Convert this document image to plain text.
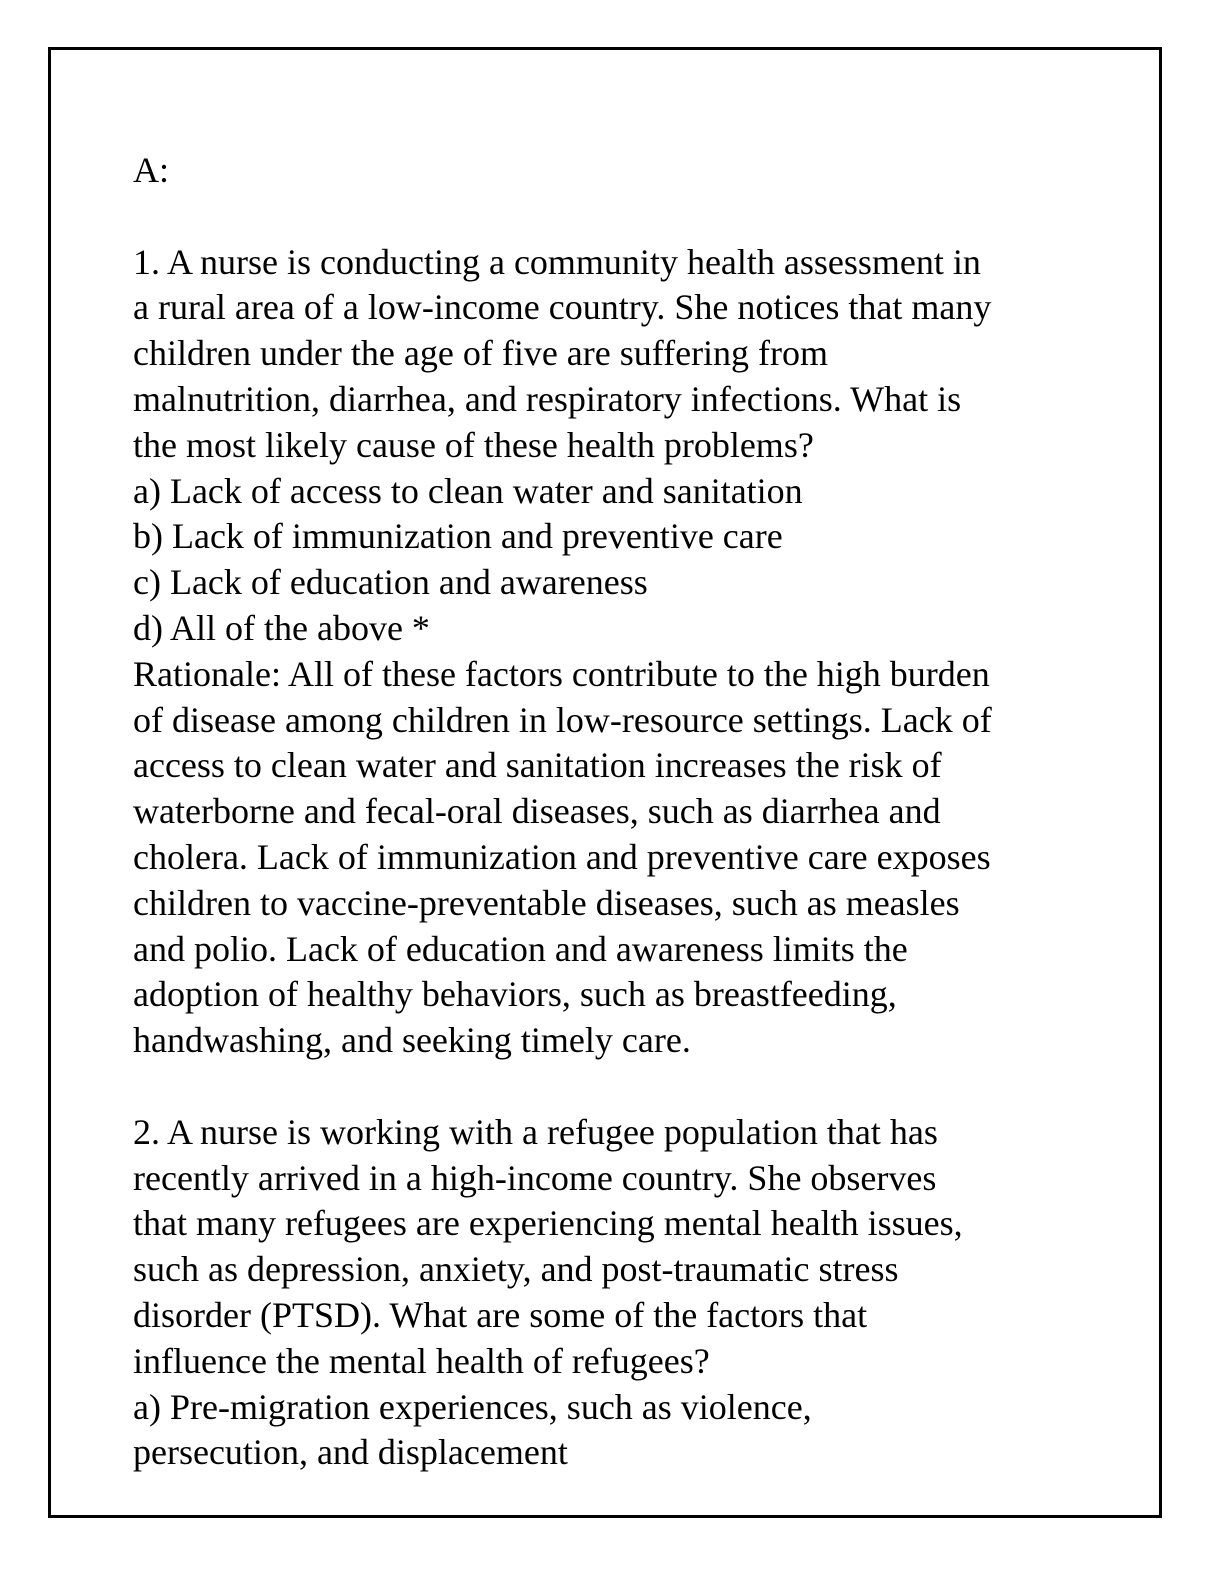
A:
1. A nurse is conducting a community health assessment in
a rural area of a low-income country. She notices that many
children under the age of five are suffering from
malnutrition, diarrhea, and respiratory infections. What is
the most likely cause of these health problems?
a) Lack of access to clean water and sanitation
b) Lack of immunization and preventive care
c) Lack of education and awareness
d) All of the above *
Rationale: All of these factors contribute to the high burden
of disease among children in low-resource settings. Lack of
access to clean water and sanitation increases the risk of
waterborne and fecal-oral diseases, such as diarrhea and
cholera. Lack of immunization and preventive care exposes
children to vaccine-preventable diseases, such as measles
and polio. Lack of education and awareness limits the
adoption of healthy behaviors, such as breastfeeding,
handwashing, and seeking timely care.
2. A nurse is working with a refugee population that has
recently arrived in a high-income country. She observes
that many refugees are experiencing mental health issues,
such as depression, anxiety, and post-traumatic stress
disorder (PTSD). What are some of the factors that
influence the mental health of refugees?
a) Pre-migration experiences, such as violence,
persecution, and displacement
